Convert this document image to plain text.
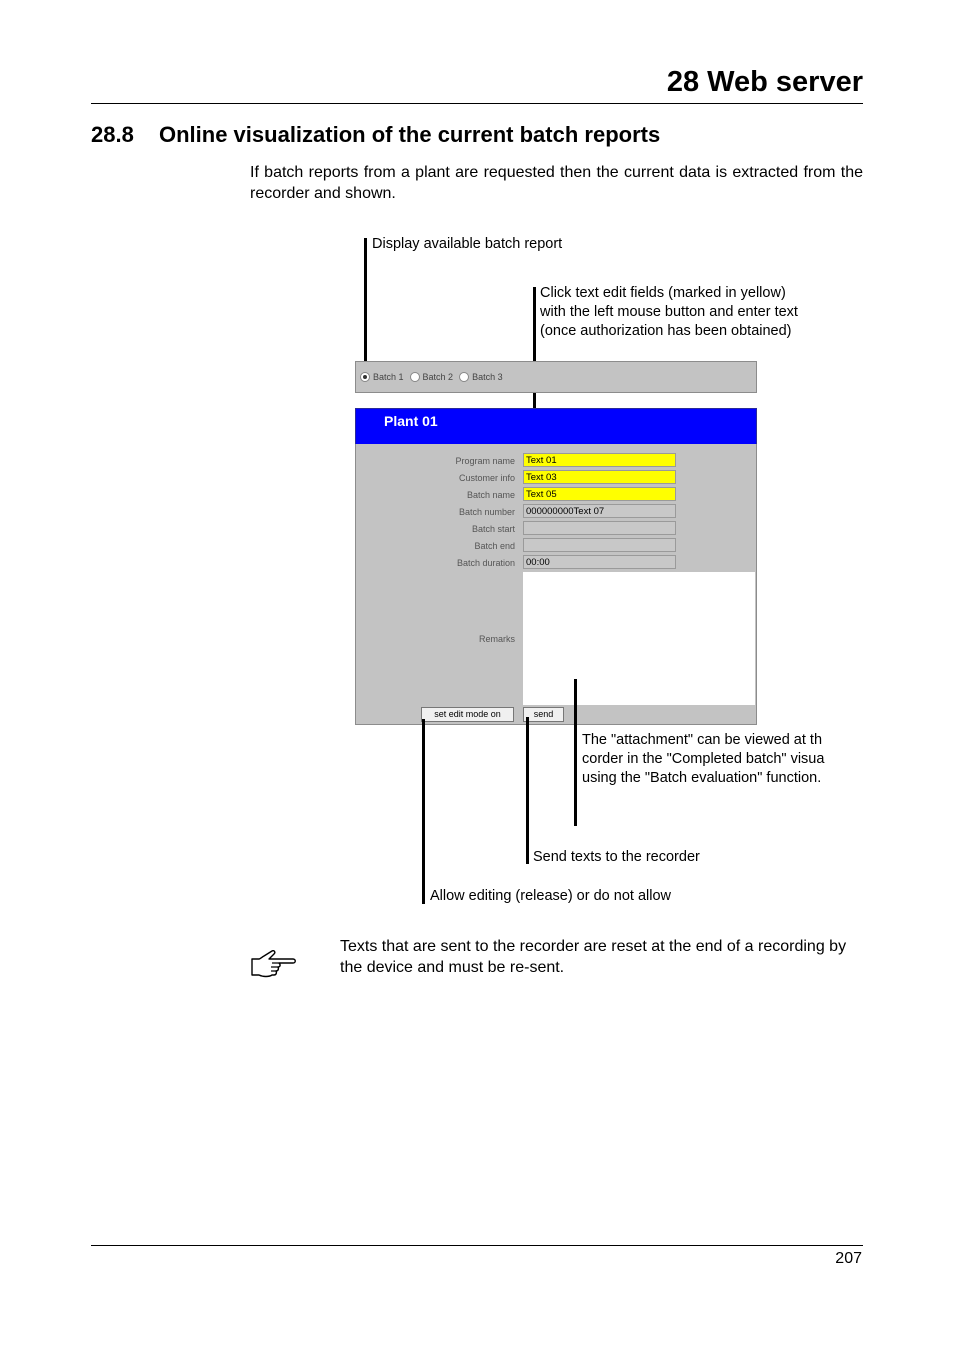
28 Web server
28.8 Online visualization of the current batch reports
If batch reports from a plant are requested then the current data is extracted from the recorder and shown.
Display available batch report
Click text edit fields (marked in yellow)
with the left mouse button and enter text
(once authorization has been obtained)
Batch 1 Batch 2 Batch 3
Plant 01
Program name	Text 01
Customer info	Text 03
Batch name	Text 05
Batch number	000000000Text 07
Batch start
Batch end
Batch duration	00:00
Remarks
set edit mode on	send
The "attachment" can be viewed at th
corder in the "Completed batch" visua
using the "Batch evaluation" function.
Send texts to the recorder
Allow editing (release) or do not allow
Texts that are sent to the recorder are reset at the end of a recording by the device and must be re-sent.
207
